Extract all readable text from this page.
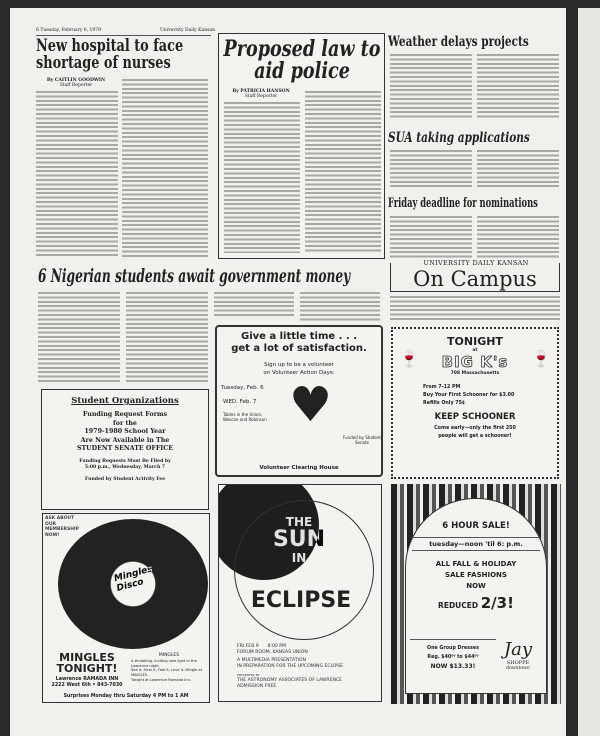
6 Tuesday, February 6, 1979	University Daily Kansan
New hospital to face shortage of nurses
By CAITLIN GOODWIN
Staff Reporter
Proposed law to aid police
By PATRICIA HANSON
Staff Reporter
Weather delays projects
SUA taking applications
Friday deadline for nominations
UNIVERSITY DAILY KANSAN
On Campus
6 Nigerian students await government money
Student Organizations
Funding Request Forms
for the
1979-1980 School Year
Are Now Available in The
STUDENT SENATE OFFICE
Funding Requests Must Be Filed by
5:00 p.m., Wednesday, March 7
Funded by Student Activity Fee
Mingles Disco
ASK ABOUT OUR MEMBERSHIP NOW!
MINGLES TONIGHT!
Lawrence RAMADA INN
2222 West 6th • 843-7030
MINGLES
A throbbing, inviting new light in the Lawrence night.
See it, Hear it, Feel it, Love it. Mingle at MINGLES.
Tonight at Lawrence Ramada Inn.
Surprises Monday thru Saturday 4 PM to 1 AM
Give a little time . . .
get a lot of satisfaction.
Sign up to be a volunteer
on Volunteer Action Days:
Tuesday, Feb. 6
WED. Feb. 7
Tables in the Union, Wescoe and Robinson ♥
Funded by Student Senate
Volunteer Clearing House
THE
SUN
IN
ECLIPSE
FRI FEB 9      8:00 PM
FORUM ROOM, KANSAS UNION
A MULTIMEDIA PRESENTATION
IN PREPARATION FOR THE UPCOMING ECLIPSE
PRESENTED BY
THE ASTRONOMY ASSOCIATES OF LAWRENCE
ADMISSION FREE
TONIGHT
at
BIG K's
🍷	🍷
708 Massachusetts
From 7-12 PM
Buy Your First Schooner for $3.00
Refills Only 75¢
KEEP SCHOONER
Come early—only the first 250
people will get a schooner!
6 HOUR SALE!
tuesday—noon 'til 6: p.m.
ALL FALL & HOLIDAY
SALE FASHIONS
NOW
REDUCED 2/3!
One Group Dresses
Reg. $40⁰⁰ to $44⁰⁰
NOW $13.33!
Jay
SHOPPE
downtown
